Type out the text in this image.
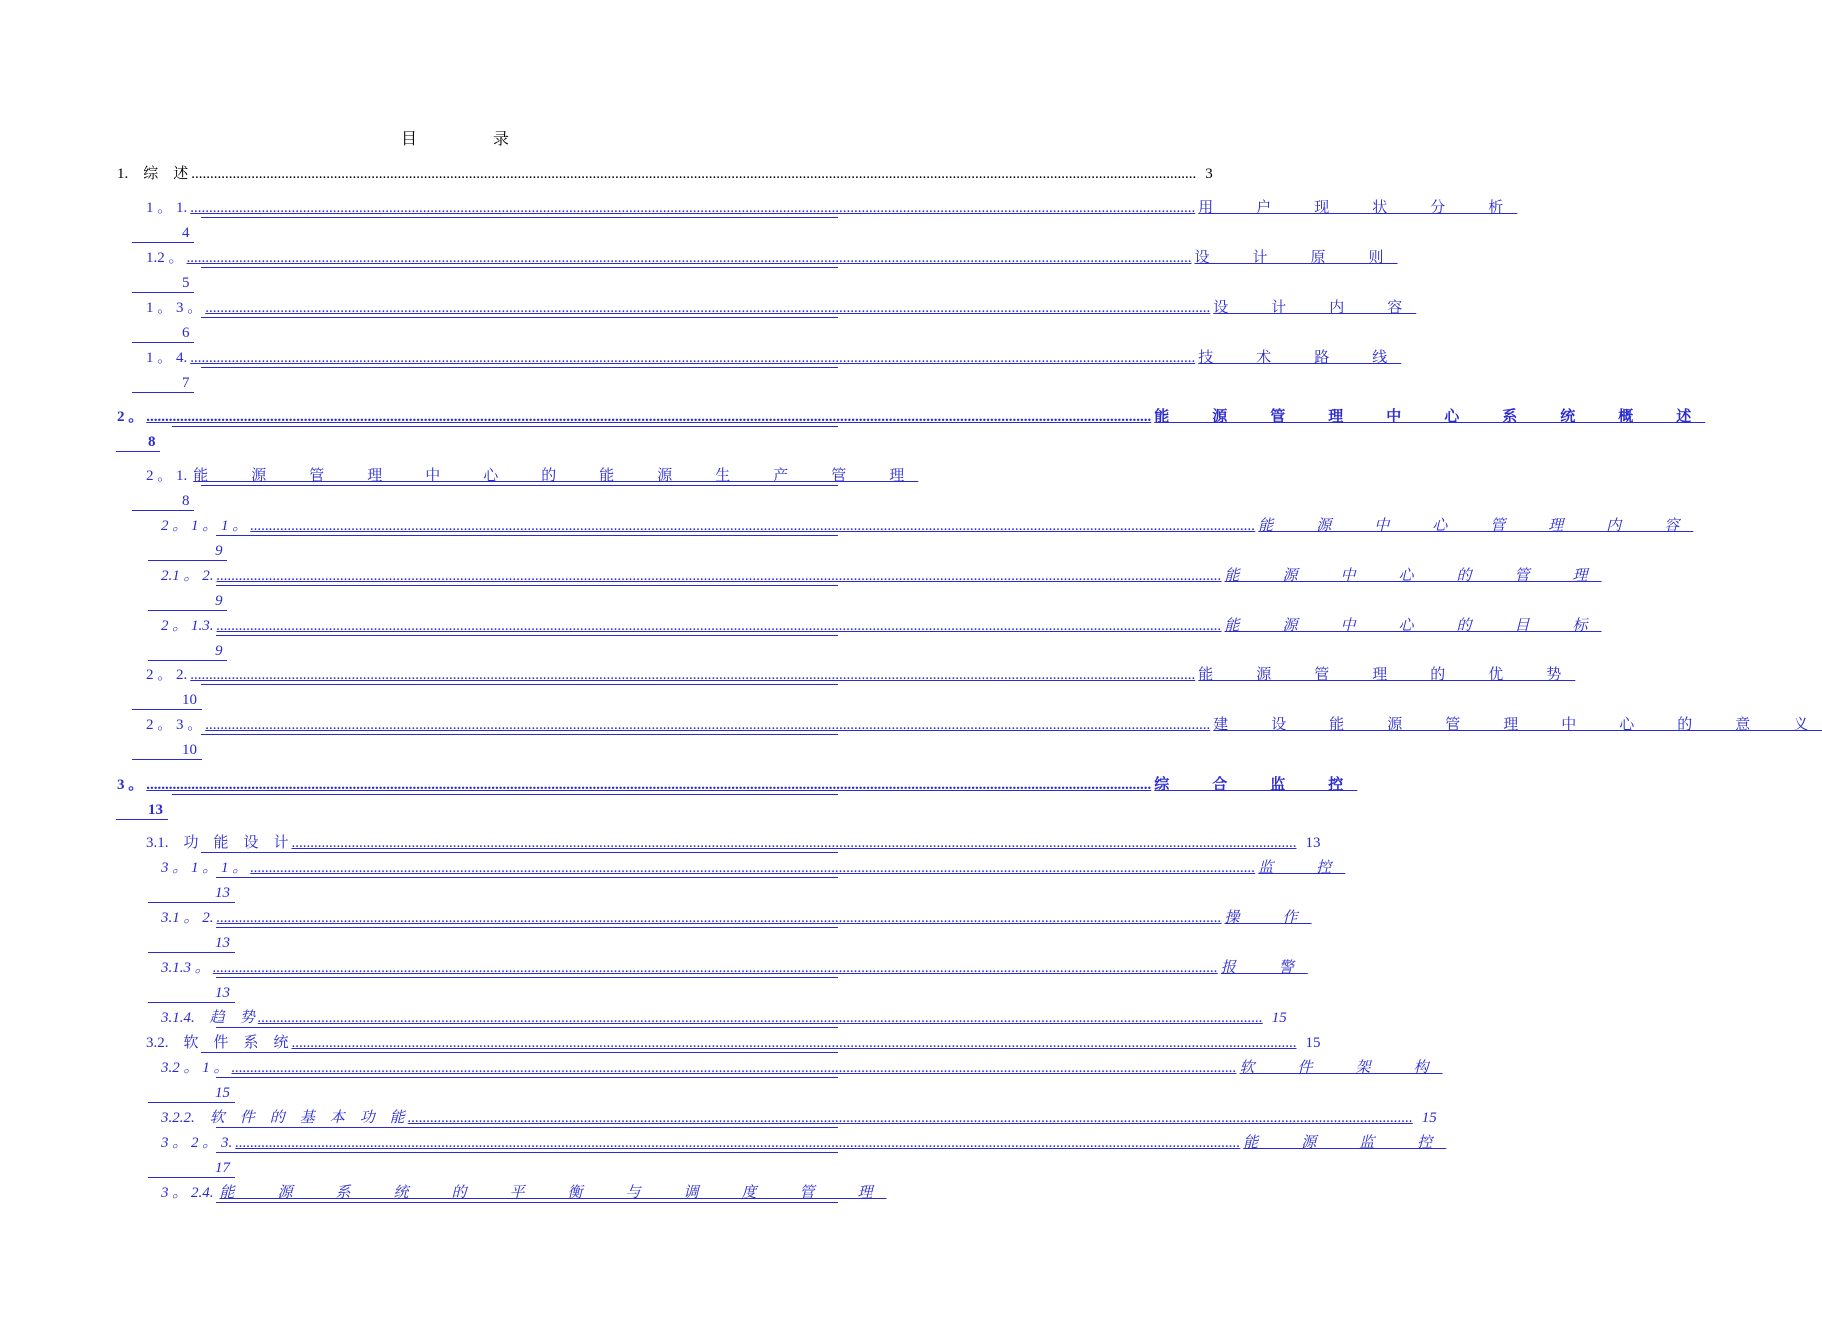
目　录
1.　综　述 ............................................................................................................................................................................................................................................................................ 3
1 。 1. ............................................................................................................................................................................................................................................................................ 用　户　现　状　分　析
4
1.2 。 ............................................................................................................................................................................................................................................................................ 设　计　原　则
5
1 。 3 。 ............................................................................................................................................................................................................................................................................ 设　计　内　容
6
1 。 4. ............................................................................................................................................................................................................................................................................ 技　术　路　线
7
2 。 ............................................................................................................................................................................................................................................................................ 能　源　管　理　中　心　系　统　概　述
8
2 。 1. 能　源　管　理　中　心　的　能　源　生　产　管　理
8
2 。 1 。 1 。 ............................................................................................................................................................................................................................................................................ 能　源　中　心　管　理　内　容
9
2.1 。 2. ............................................................................................................................................................................................................................................................................ 能　源　中　心　的　管　理
9
2 。 1.3. ............................................................................................................................................................................................................................................................................ 能　源　中　心　的　目　标
9
2 。 2. ............................................................................................................................................................................................................................................................................ 能　源　管　理　的　优　势
10
2 。 3 。 ............................................................................................................................................................................................................................................................................ 建　设　能　源　管　理　中　心　的　意　义
10
3 。 ............................................................................................................................................................................................................................................................................ 综　合　监　控
13
3.1.　功　能　设　计 ............................................................................................................................................................................................................................................................................ 13
3 。 1 。 1 。 ............................................................................................................................................................................................................................................................................ 监　控
13
3.1 。 2. ............................................................................................................................................................................................................................................................................ 操　作
13
3.1.3 。 ............................................................................................................................................................................................................................................................................ 报　警
13
3.1.4.　趋　势 ............................................................................................................................................................................................................................................................................ 15
3.2.　软　件　系　统 ............................................................................................................................................................................................................................................................................ 15
3.2 。 1 。 ............................................................................................................................................................................................................................................................................ 软　件　架　构
15
3.2.2.　软　件　的　基　本　功　能 ............................................................................................................................................................................................................................................................................ 15
3 。 2 。 3. ............................................................................................................................................................................................................................................................................ 能　源　监　控
17
3 。 2.4. 能　源　系　统　的　平　衡　与　调　度　管　理
